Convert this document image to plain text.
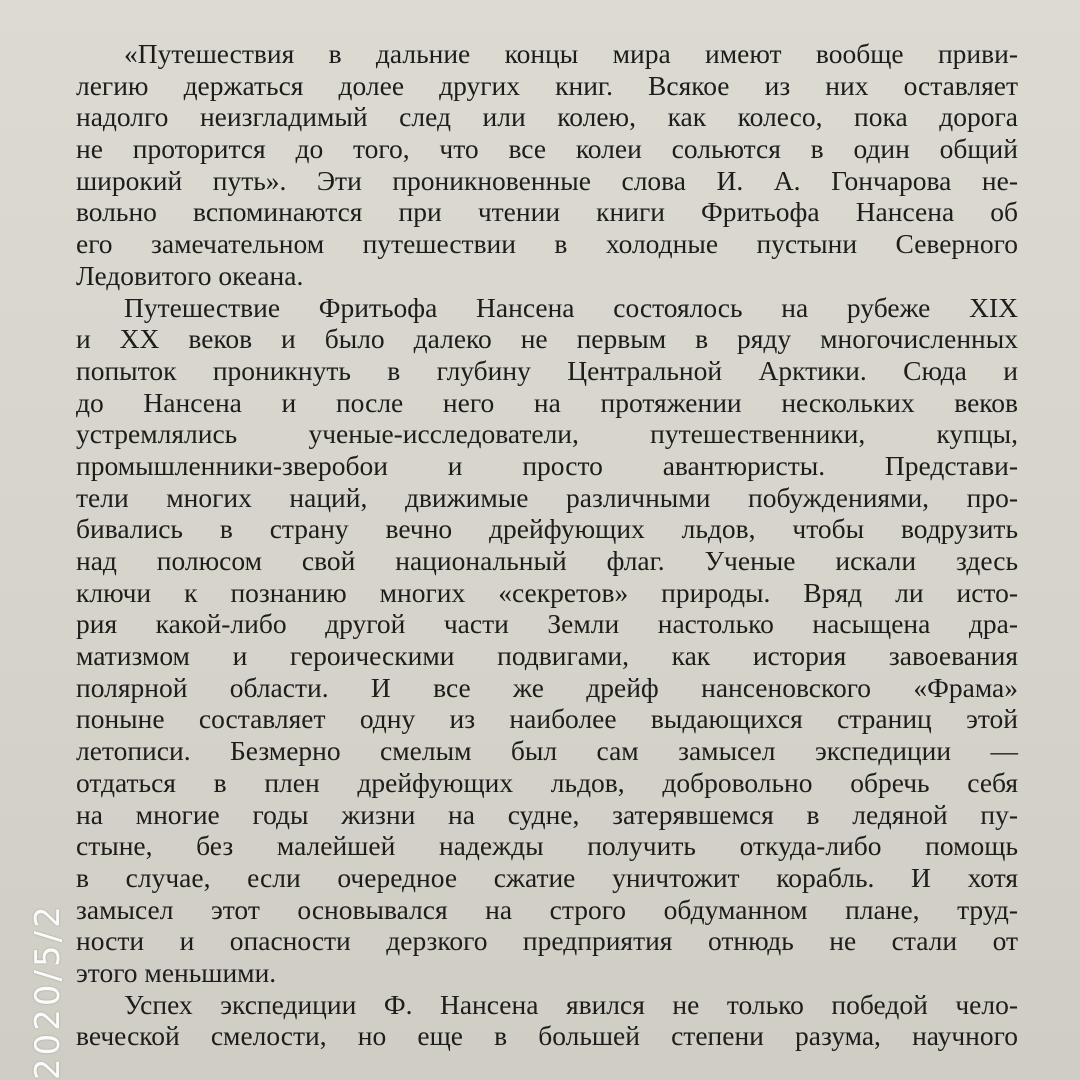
«Путешествия в дальние концы мира имеют вообще приви-
легию держаться долее других книг. Всякое из них оставляет
надолго неизгладимый след или колею, как колесо, пока дорога
не проторится до того, что все колеи сольются в один общий
широкий путь». Эти проникновенные слова И. А. Гончарова не-
вольно вспоминаются при чтении книги Фритьофа Нансена об
его замечательном путешествии в холодные пустыни Северного
Ледовитого океана.
Путешествие Фритьофа Нансена состоялось на рубеже XIX
и XX веков и было далеко не первым в ряду многочисленных
попыток проникнуть в глубину Центральной Арктики. Сюда и
до Нансена и после него на протяжении нескольких веков
устремлялись ученые-исследователи, путешественники, купцы,
промышленники-зверобои и просто авантюристы. Представи-
тели многих наций, движимые различными побуждениями, про-
бивались в страну вечно дрейфующих льдов, чтобы водрузить
над полюсом свой национальный флаг. Ученые искали здесь
ключи к познанию многих «секретов» природы. Вряд ли исто-
рия какой-либо другой части Земли настолько насыщена дра-
матизмом и героическими подвигами, как история завоевания
полярной области. И все же дрейф нансеновского «Фрама»
поныне составляет одну из наиболее выдающихся страниц этой
летописи. Безмерно смелым был сам замысел экспедиции —
отдаться в плен дрейфующих льдов, добровольно обречь себя
на многие годы жизни на судне, затерявшемся в ледяной пу-
стыне, без малейшей надежды получить откуда-либо помощь
в случае, если очередное сжатие уничтожит корабль. И хотя
замысел этот основывался на строго обдуманном плане, труд-
ности и опасности дерзкого предприятия отнюдь не стали от
этого меньшими.
Успех экспедиции Ф. Нансена явился не только победой чело-
веческой смелости, но еще в большей степени разума, научного
2020/5/2
